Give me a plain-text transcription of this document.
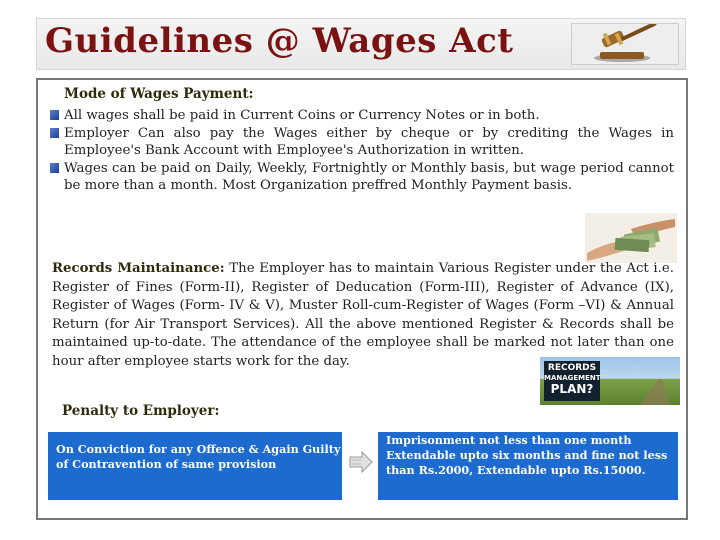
Guidelines @ Wages Act
Mode of Wages Payment:
All wages shall be paid in Current Coins or Currency Notes or in both.
Employer Can also pay the Wages either by cheque or by crediting the Wages in Employee's Bank Account with Employee's Authorization in written.
Wages can be paid on Daily, Weekly, Fortnightly or Monthly basis, but wage period cannot be more than a month. Most Organization preffred Monthly Payment basis.
Records Maintainance: The Employer has to maintain Various Register under the Act i.e. Register of Fines (Form-II), Register of Deducation (Form-III), Register of Advance (IX), Register of Wages (Form- IV & V), Muster Roll-cum-Register of Wages (Form –VI) & Annual Return (for Air Transport Services). All the above mentioned Register & Records shall be maintained up-to-date. The attendance of the employee shall be marked not later than one hour after employee starts work for the day.	RECORDS
MANAGEMENT
PLAN?
Penalty to Employer:
On Conviction for any Offence & Again Guilty of Contravention of same provision
Imprisonment not less than one month Extendable upto six months and fine not less than Rs.2000, Extendable upto Rs.15000.
